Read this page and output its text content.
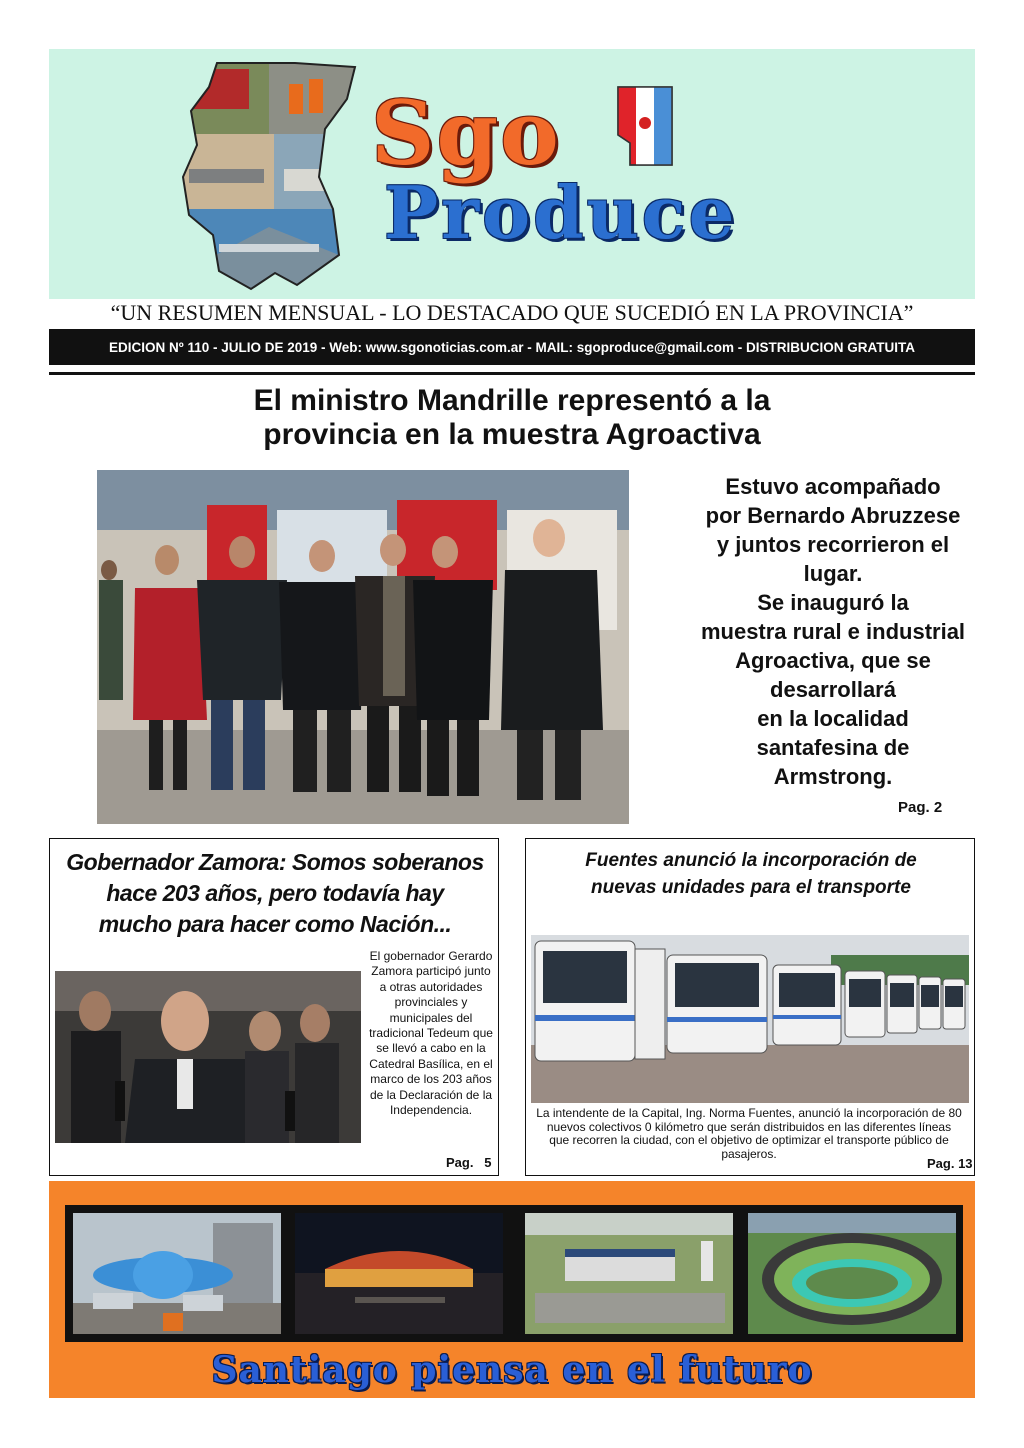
Sgo
Produce
“UN RESUMEN MENSUAL - LO DESTACADO QUE SUCEDIÓ EN LA PROVINCIA”
EDICION Nº 110 - JULIO DE 2019 - Web: www.sgonoticias.com.ar - MAIL: sgoproduce@gmail.com - DISTRIBUCION GRATUITA
El ministro Mandrille representó a la
provincia en la muestra Agroactiva
Estuvo acompañado
por Bernardo Abruzzese
y juntos recorrieron el
lugar.
Se inauguró la
muestra rural e industrial
Agroactiva, que se
desarrollará
en la localidad
santafesina de
Armstrong.
Pag. 2
Gobernador Zamora: Somos soberanos
hace 203 años, pero todavía hay
mucho para hacer como Nación...
El gobernador Gerardo
Zamora participó junto
a otras autoridades
provinciales y
municipales del
tradicional Tedeum que
se llevó a cabo en la
Catedral Basílica, en el
marco de los 203 años
de la Declaración de la
Independencia.
Pag.   5
Fuentes anunció la incorporación de
nuevas unidades para el transporte
La intendente de la Capital, Ing. Norma Fuentes, anunció la incorporación de 80
nuevos colectivos 0 kilómetro que serán distribuidos en las diferentes líneas
que recorren la ciudad, con el objetivo de optimizar el transporte público de
pasajeros.
Pag. 13
Santiago piensa en el futuro
